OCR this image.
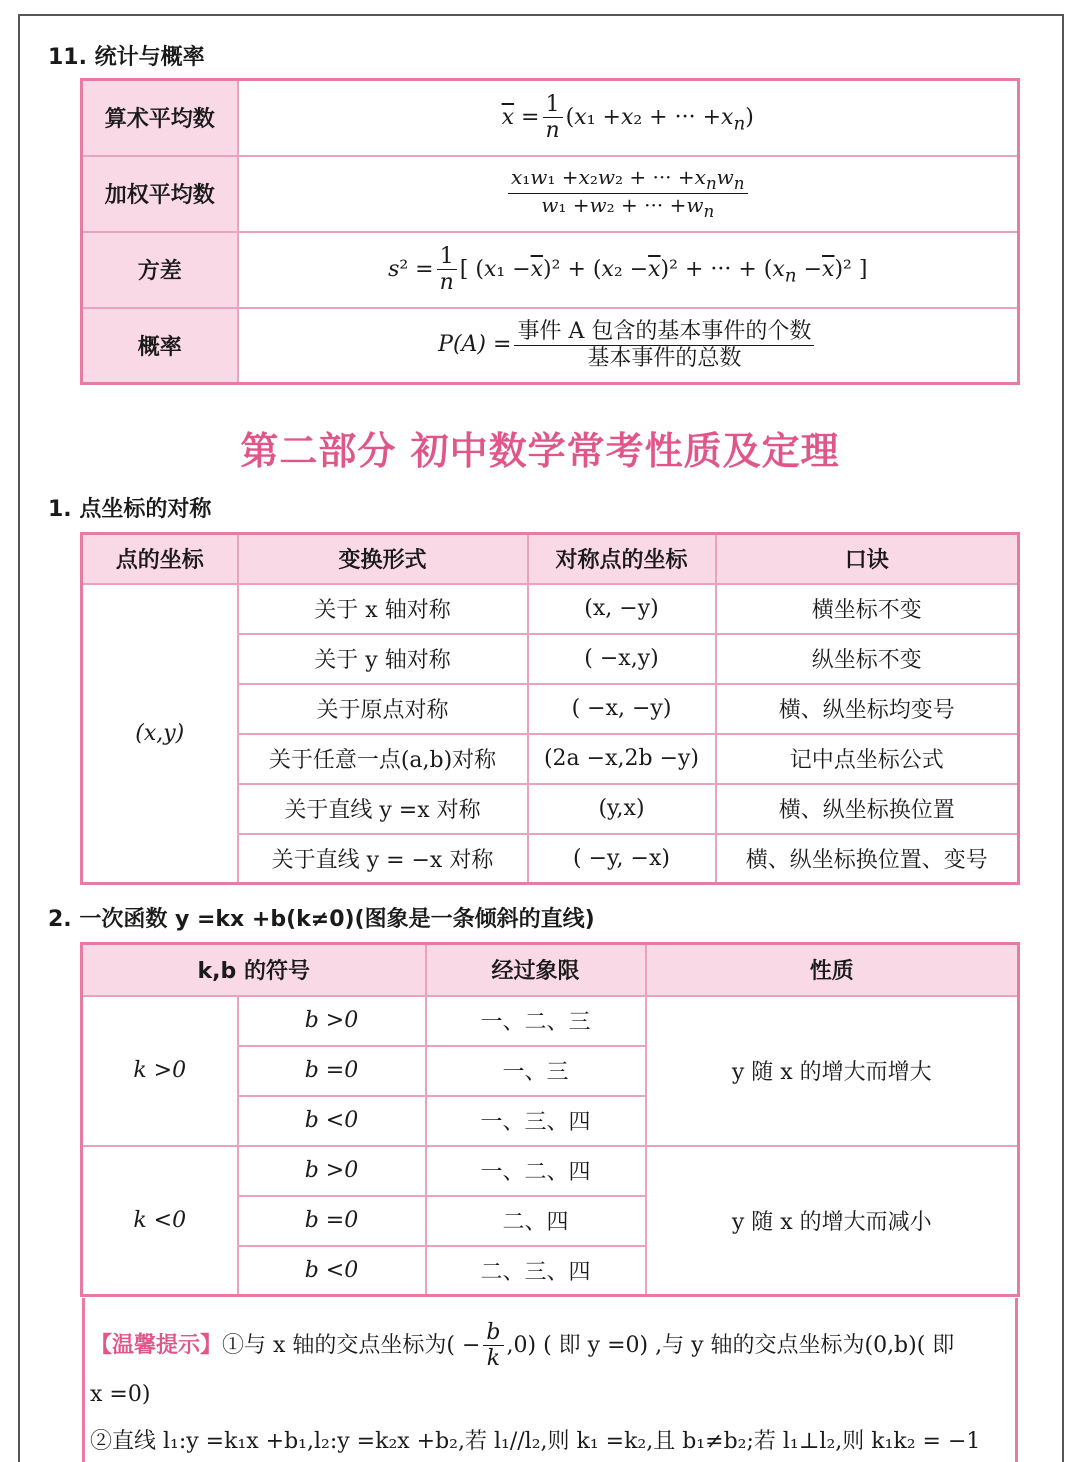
11. 统计与概率
算术平均数	$\overline{x} = \frac{1}{n} (x_1 +x_2$ + ··· $+x_n$)
加权平均数	$\frac{x_1w_1 +x_2w_2 + \cdot\cdot\cdot +x_nw_n}{w_1 +w_2 + \cdot\cdot\cdot +w_n}$

方差	$s^2 = \frac{1}{n}$ [ $(x_1 -\overline{x})^2 + (x_2 -\overline{x})^2$ + ··· + $(x_n -\overline{x})^2$ ]
概率	$P(A) = \frac{\text{事件 A 包含的基本事件的个数}}{\text{基本事件的总数}}$
第二部分 初中数学常考性质及定理
1. 点坐标的对称
点的坐标	变换形式	对称点的坐标	口诀
(x,y)	关于 x 轴对称	(x, −y)	横坐标不变
	关于 y 轴对称	( −x,y)	纵坐标不变
	关于原点对称	( −x, −y)	横、纵坐标均变号
	关于任意一点(a,b)对称	(2a −x,2b −y)	记中点坐标公式
	关于直线 y =x 对称	(y,x)	横、纵坐标换位置
	关于直线 y = −x 对称	( −y, −x)	横、纵坐标换位置、变号
2. 一次函数 y =kx +b(k≠0)(图象是一条倾斜的直线)
k,b 的符号		经过象限	性质
k >0	b >0	一、二、三	y 随 x 的增大而增大
	b =0	一、三	
	b <0	一、三、四	
k <0	b >0	一、二、四	y 随 x 的增大而减小
	b =0	二、四	
	b <0	二、三、四	
【温馨提示】①与 x 轴的交点坐标为( − $\frac{b}{k} ,0$) ( 即 y =0) ,与 y 轴的交点坐标为(0,b)( 即
x =0)
②直线 l₁:y =k₁x +b₁,l₂:y =k₂x +b₂,若 l₁//l₂,则 k₁ =k₂,且 b₁≠b₂;若 l₁⊥l₂,则 k₁k₂ = −1
